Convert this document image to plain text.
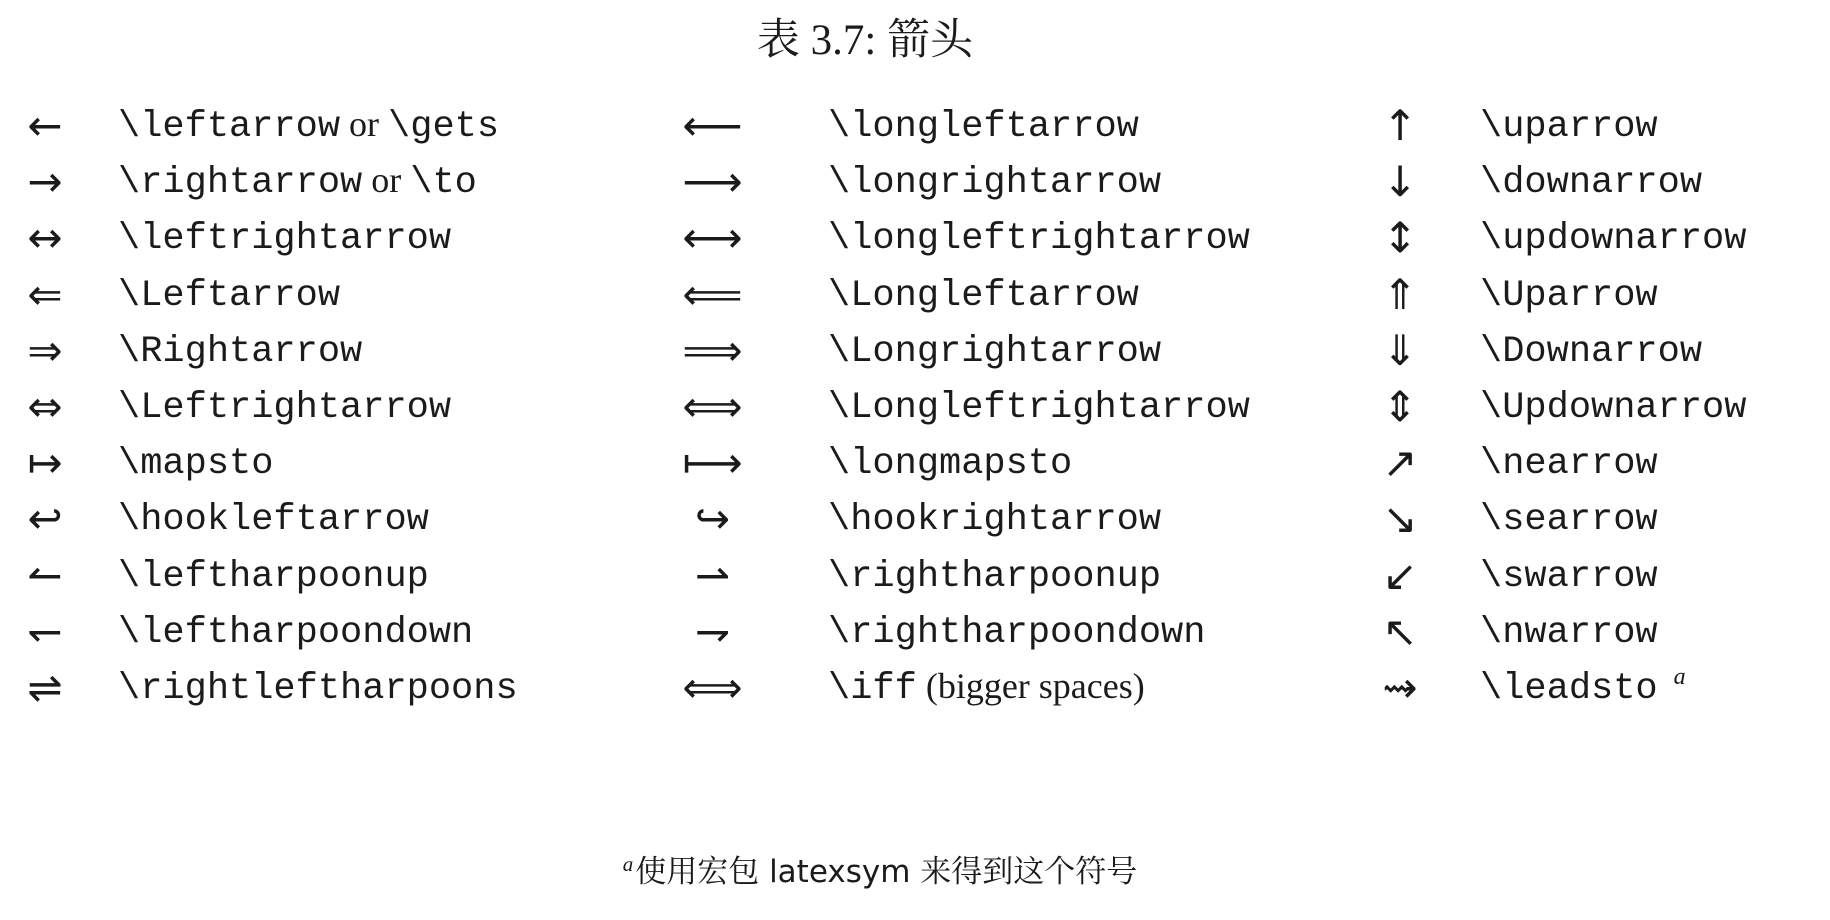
表 3.7: 箭头
←	\leftarrow or \gets	⟵	\longleftarrow	↑ \uparrow
→	\rightarrow or \to	⟶	\longrightarrow	↓ \downarrow
↔	\leftrightarrow	⟷	\longleftrightarrow	↕ \updownarrow
⇐	\Leftarrow	⟸	\Longleftarrow	⇑ \Uparrow
⇒	\Rightarrow	⟹	\Longrightarrow	⇓ \Downarrow
⇔	\Leftrightarrow	⟺	\Longleftrightarrow	⇕ \Updownarrow
↦	\mapsto	⟼	\longmapsto	↗ \nearrow
↩	\hookleftarrow	↪	\hookrightarrow	↘ \searrow
↼	\leftharpoonup	⇀	\rightharpoonup	↙ \swarrow
↽	\leftharpoondown	⇁	\rightharpoondown	↖ \nwarrow
⇌	\rightleftharpoons	⟺	\iff (bigger spaces)	⇝ \leadsto $^a$
$^a$使用宏包 latexsym 来得到这个符号
